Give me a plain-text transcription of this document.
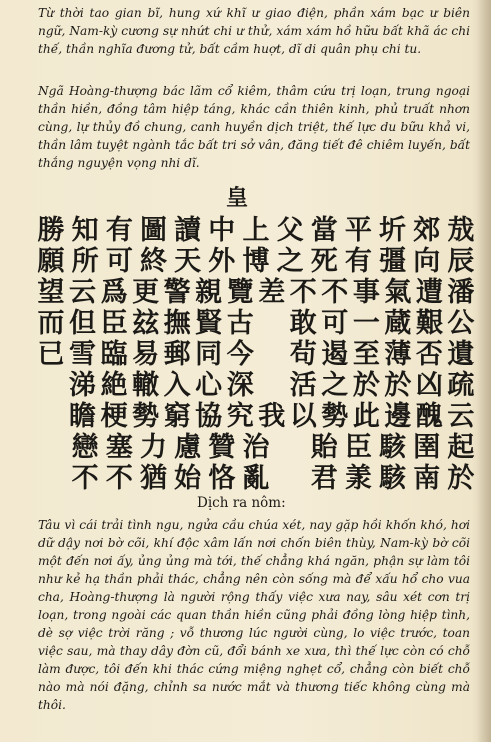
Từ thời tao gian bĩ, hung xứ khĩ ư giao điện, phần xám bạc ư biên ngữ, Nam-kỳ cương sự nhứt chi ư thử, xám xám hồ hữu bất khã ác chi thế, thần nghĩa đương tử, bất cầm huợt, dĩ di quân phụ chi tu.

Ngã Hoàng-thượng bác lãm cổ kiêm, thâm cứu trị loạn, trung ngoại thần hiền, đồng tâm hiệp táng, khác cần thiên kinh, phủ truất nhơn cùng, lự thủy đồ chung, canh huyền dịch triệt, thế lực du bữu khả vi, thần lâm tuyệt ngành tắc bất tri sở vân, đăng tiết đê chiêm luyến, bất thắng nguyện vọng nhi dĩ.

皇
勝 知 有 圖 讀 中 上 父 當 平 圻 郊 㦲
願 所 可 終 天 外 博 之 死 有 彊 向 辰
望 云 爲 更 警 親 覽 差 不 不 事 氣 遭 潘
而 但 臣 玆 撫 賢 古 敢 可 一 蔵 艱 公
已 雪 臨 易 郵 同 今 茍 遏 至 薄 否 遺
涕 絶 轍 入 心 深 活 之 於 於 凶 疏
瞻 梗 勢 窮 協 究 我 以 勢 此 邊 醜 云
戀 塞 力 慮 贊 治 貽 臣 駭 圉 起
不 不 猶 始 恪 亂 君 羕 駭 南 於
Dịch ra nôm:

Tâu vì cái trải tình ngu, ngửa cầu chúa xét, nay gặp hồi khốn khó, hơi dữ dậy nơi bờ cõi, khí độc xâm lấn nơi chốn biên thùy, Nam-kỳ bờ cõi một đến nơi ấy, ủng ủng mà tới, thế chẳng khá ngăn, phận sự làm tôi như kẻ hạ thần phải thác, chẳng nên còn sống mà để xấu hổ cho vua cha, Hoàng-thượng là người rộng thấy việc xưa nay, sâu xét cơn trị loạn, trong ngoài các quan thần hiền cũng phải đồng lòng hiệp tình, dè sợ việc trời răng ; vỗ thương lúc người cùng, lo việc trước, toan việc sau, mà thay dây đờn cũ, đổi bánh xe xưa, thì thế lực còn có chỗ làm được, tôi đến khi thác cứng miệng nghẹt cổ, chẳng còn biết chỗ nào mà nói đặng, chỉnh sa nước mắt và thương tiếc không cùng mà thôi.
